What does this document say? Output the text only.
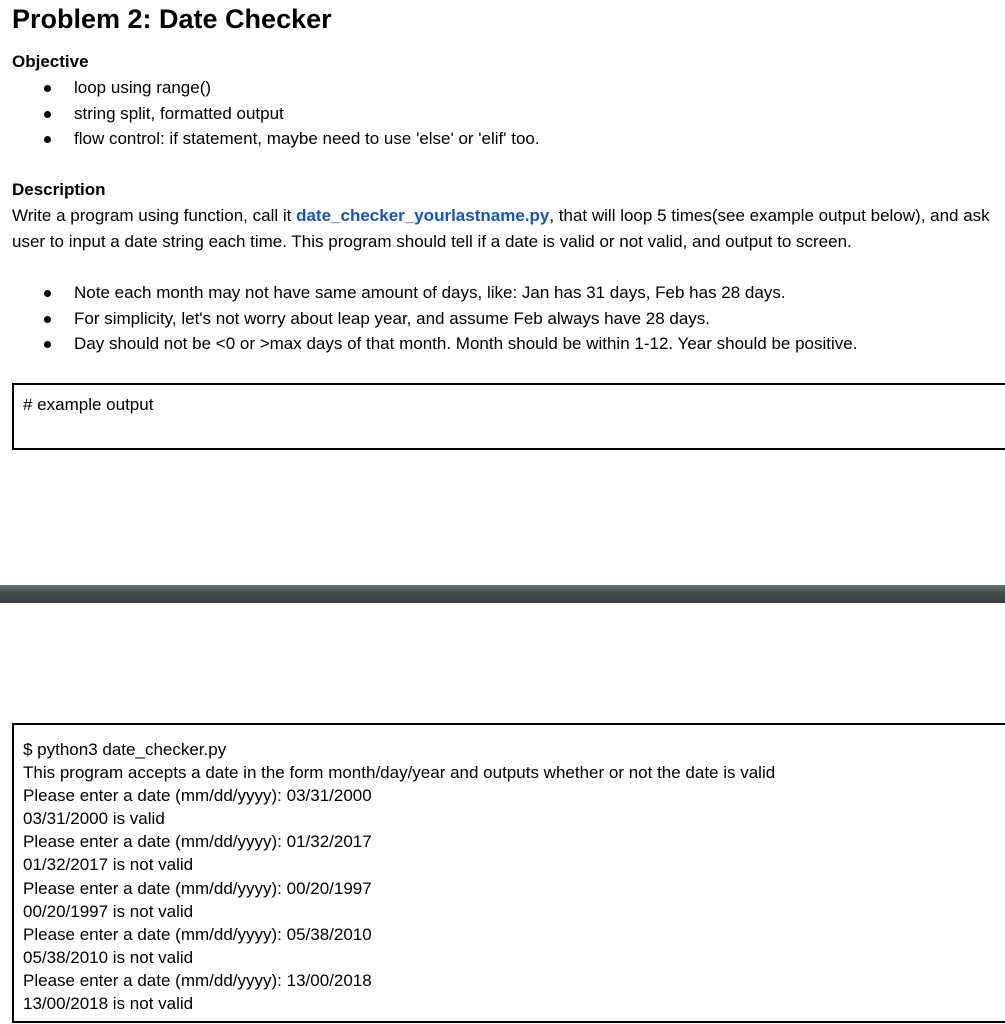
Problem 2: Date Checker
Objective
loop using range()
string split, formatted output
flow control: if statement, maybe need to use 'else' or 'elif' too.
Description

Write a program using function, call it date_checker_yourlastname.py, that will loop 5 times(see example output below), and ask user to input a date string each time. This program should tell if a date is valid or not valid, and output to screen.

Note each month may not have same amount of days, like: Jan has 31 days, Feb has 28 days.
For simplicity, let's not worry about leap year, and assume Feb always have 28 days.
Day should not be <0 or >max days of that month. Month should be within 1-12. Year should be positive.
# example output
$ python3 date_checker.py
This program accepts a date in the form month/day/year and outputs whether or not the date is valid
Please enter a date (mm/dd/yyyy): 03/31/2000
03/31/2000 is valid
Please enter a date (mm/dd/yyyy): 01/32/2017
01/32/2017 is not valid
Please enter a date (mm/dd/yyyy): 00/20/1997
00/20/1997 is not valid
Please enter a date (mm/dd/yyyy): 05/38/2010
05/38/2010 is not valid
Please enter a date (mm/dd/yyyy): 13/00/2018
13/00/2018 is not valid
